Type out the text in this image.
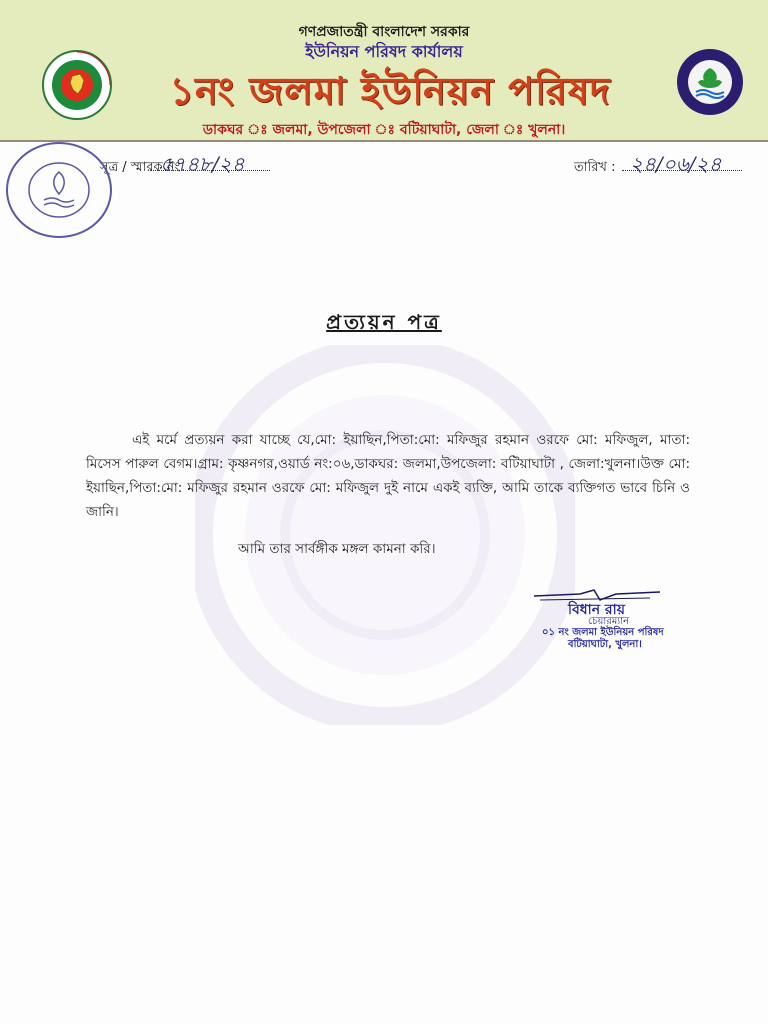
গণপ্রজাতন্ত্রী বাংলাদেশ সরকার
ইউনিয়ন পরিষদ কার্যালয়
১নং জলমা ইউনিয়ন পরিষদ
ডাকঘর ঃ জলমা, উপজেলা ঃ বটিয়াঘাটা, জেলা ঃ খুলনা।
সূত্র / স্মারক নং
৫৭৪৮/২৪	তারিখ : ২৪/০৬/২৪
প্রত্যয়ন পত্র
এই মর্মে প্রত্যয়ন করা যাচ্ছে যে,মো: ইয়াছিন,পিতা:মো: মফিজুর রহমান ওরফে মো: মফিজুল, মাতা: মিসেস পারুল বেগম।গ্রাম: কৃষ্ণনগর,ওয়ার্ড নং:০৬,ডাকঘর: জলমা,উপজেলা: বটিয়াঘাটা , জেলা:খুলনা।উক্ত মো: ইয়াছিন,পিতা:মো: মফিজুর রহমান ওরফে মো: মফিজুল দুই নামে একই ব্যক্তি, আমি তাকে ব্যক্তিগত ভাবে চিনি ও জানি।
আমি তার সার্বঙ্গীক মঙ্গল কামনা করি।
বিধান রায়
চেয়ারম্যান
০১ নং জলমা ইউনিয়ন পরিষদ
বটিয়াঘাটা, খুলনা।
